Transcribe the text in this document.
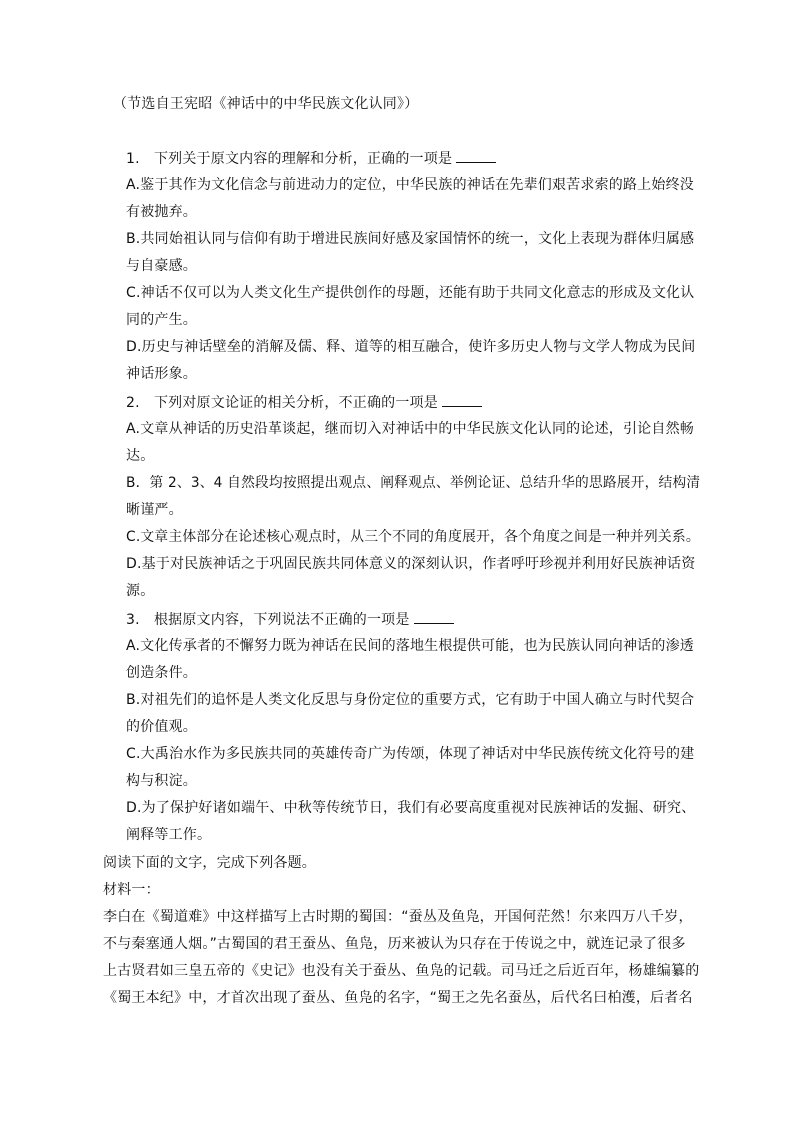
（节选自王宪昭《神话中的中华民族文化认同》）
1.　下列关于原文内容的理解和分析，正确的一项是
A.鉴于其作为文化信念与前进动力的定位，中华民族的神话在先辈们艰苦求索的路上始终没
有被抛弃。
B.共同始祖认同与信仰有助于增进民族间好感及家国情怀的统一，文化上表现为群体归属感
与自豪感。
C.神话不仅可以为人类文化生产提供创作的母题，还能有助于共同文化意志的形成及文化认
同的产生。
D.历史与神话壁垒的消解及儒、释、道等的相互融合，使许多历史人物与文学人物成为民间
神话形象。
2.　下列对原文论证的相关分析，不正确的一项是
A.文章从神话的历史沿革谈起，继而切入对神话中的中华民族文化认同的论述，引论自然畅
达。
B．第 2、3、4 自然段均按照提出观点、阐释观点、举例论证、总结升华的思路展开，结构清
晰谨严。
C.文章主体部分在论述核心观点时，从三个不同的角度展开，各个角度之间是一种并列关系。
D.基于对民族神话之于巩固民族共同体意义的深刻认识，作者呼吁珍视并利用好民族神话资
源。
3.　根据原文内容，下列说法不正确的一项是
A.文化传承者的不懈努力既为神话在民间的落地生根提供可能，也为民族认同向神话的渗透
创造条件。
B.对祖先们的追怀是人类文化反思与身份定位的重要方式，它有助于中国人确立与时代契合
的价值观。
C.大禹治水作为多民族共同的英雄传奇广为传颂，体现了神话对中华民族传统文化符号的建
构与积淀。
D.为了保护好诸如端午、中秋等传统节日，我们有必要高度重视对民族神话的发掘、研究、
阐释等工作。
阅读下面的文字，完成下列各题。
材料一：
李白在《蜀道难》中这样描写上古时期的蜀国：“蚕丛及鱼凫，开国何茫然！尔来四万八千岁，
不与秦塞通人烟。”古蜀国的君王蚕丛、鱼凫，历来被认为只存在于传说之中，就连记录了很多
上古贤君如三皇五帝的《史记》也没有关于蚕丛、鱼凫的记载。司马迁之后近百年，杨雄编纂的
《蜀王本纪》中，才首次出现了蚕丛、鱼凫的名字，“蜀王之先名蚕丛，后代名曰柏濩，后者名
